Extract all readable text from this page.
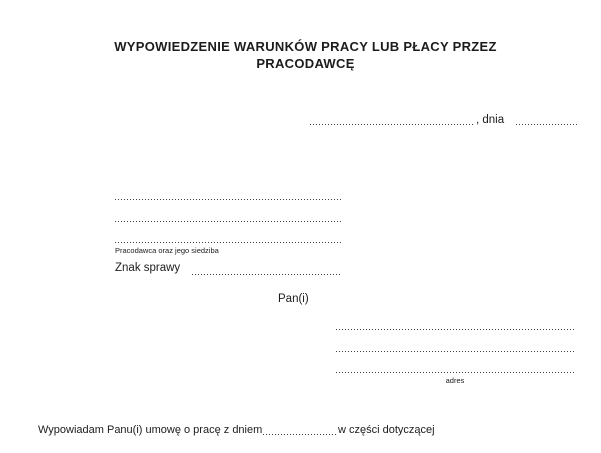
WYPOWIEDZENIE WARUNKÓW PRACY LUB PŁACY PRZEZ
PRACODAWCĘ
, dnia
Pracodawca oraz jego siedziba
Znak sprawy
Pan(i)
adres
Wypowiadam Panu(i) umowę o pracę z dniem	w części dotyczącej
